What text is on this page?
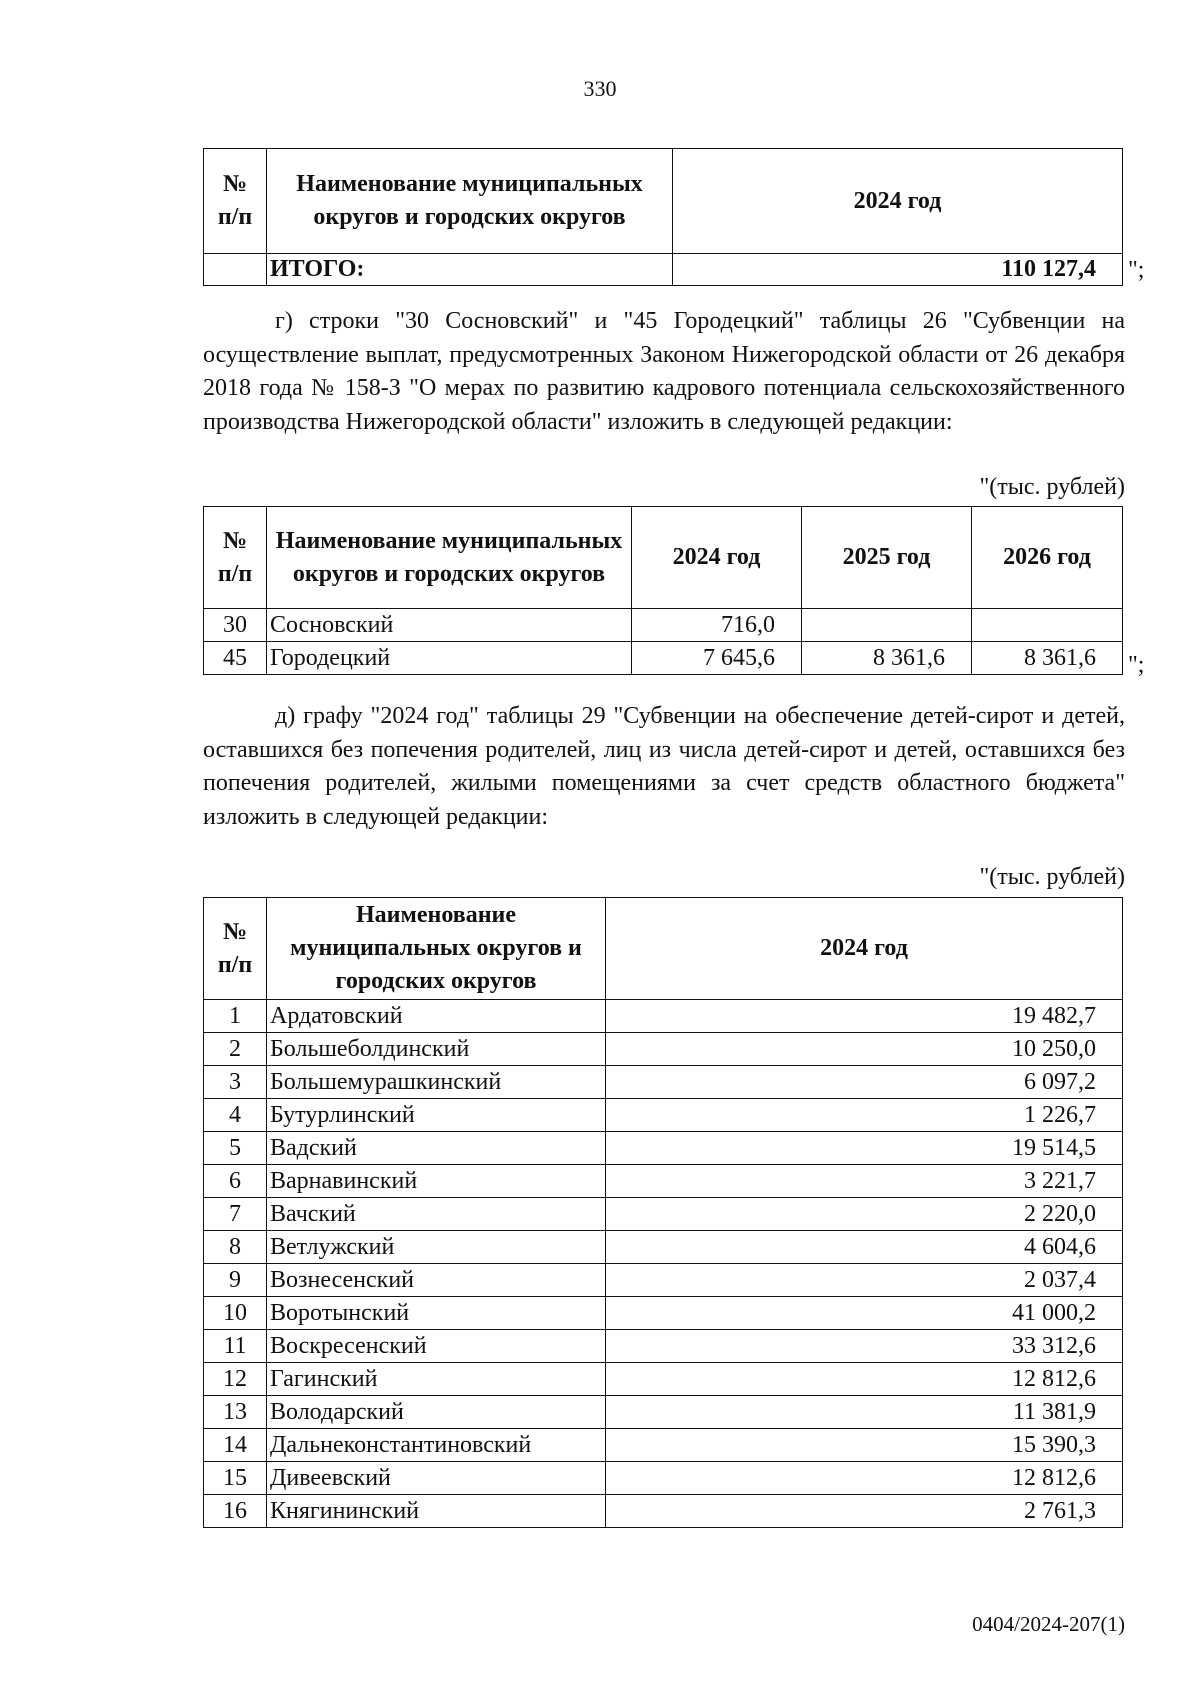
330
№ п/п	Наименование муниципальных округов и городских округов	2024 год
	ИТОГО:	110 127,4 ";
г) строки "30 Сосновский" и "45 Городецкий" таблицы 26 "Субвенции на осуществление выплат, предусмотренных Законом Нижегородской области от 26 декабря 2018 года № 158-З "О мерах по развитию кадрового потенциала сельскохозяйственного производства Нижегородской области" изложить в следующей редакции:
"(тыс. рублей)
№ п/п	Наименование муниципальных округов и городских округов	2024 год	2025 год	2026 год
30	Сосновский	716,0		
45	Городецкий	7 645,6	8 361,6	8 361,6 ";
д) графу "2024 год" таблицы 29 "Субвенции на обеспечение детей-сирот и детей, оставшихся без попечения родителей, лиц из числа детей-сирот и детей, оставшихся без попечения родителей, жилыми помещениями за счет средств областного бюджета" изложить в следующей редакции:
"(тыс. рублей)
№ п/п	Наименование муниципальных округов и городских округов	2024 год
1	Ардатовский	19 482,7
2	Большеболдинский	10 250,0
3	Большемурашкинский	6 097,2
4	Бутурлинский	1 226,7
5	Вадский	19 514,5
6	Варнавинский	3 221,7
7	Вачский	2 220,0
8	Ветлужский	4 604,6
9	Вознесенский	2 037,4
10	Воротынский	41 000,2
11	Воскресенский	33 312,6
12	Гагинский	12 812,6
13	Володарский	11 381,9
14	Дальнеконстантиновский	15 390,3
15	Дивеевский	12 812,6
16	Княгининский	2 761,3
0404/2024-207(1)
